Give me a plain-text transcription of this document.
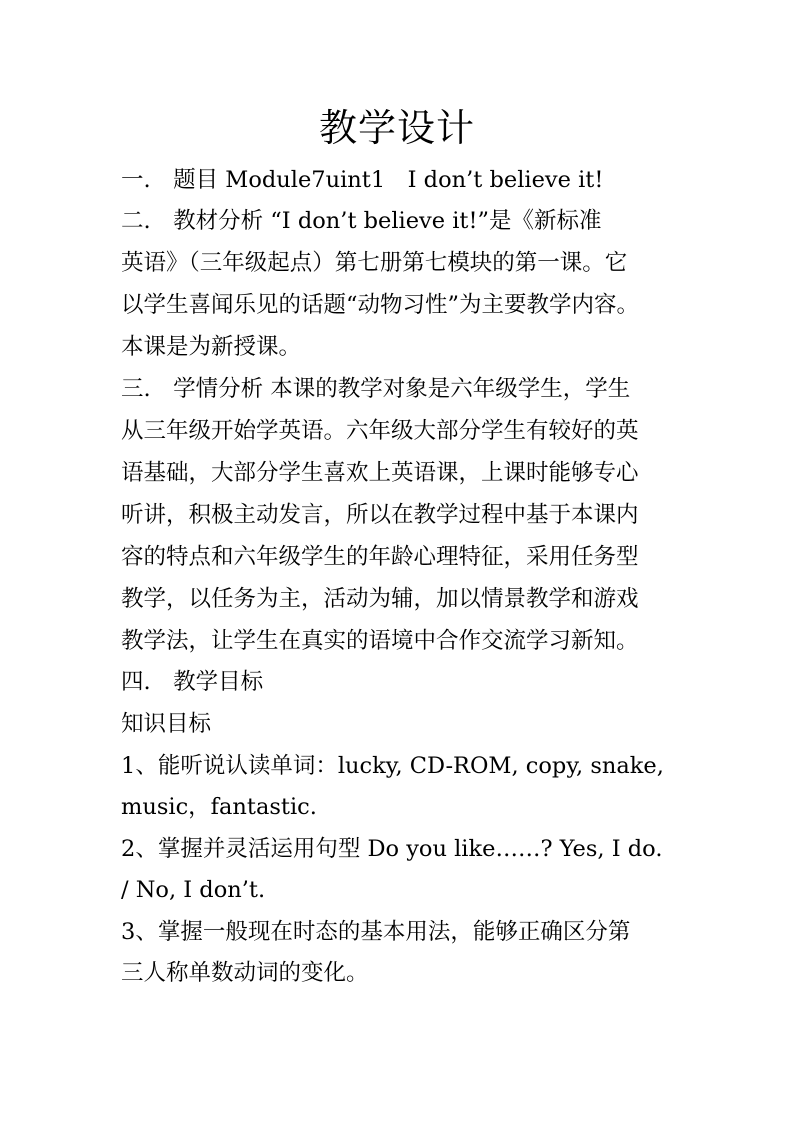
教学设计
一.　题目 Module7uint1　I don’t believe it!
二.　教材分析 “I don’t believe it!”是《新标准
英语》（三年级起点）第七册第七模块的第一课。它
以学生喜闻乐见的话题“动物习性”为主要教学内容。
本课是为新授课。
三.　学情分析 本课的教学对象是六年级学生，学生
从三年级开始学英语。六年级大部分学生有较好的英
语基础，大部分学生喜欢上英语课，上课时能够专心
听讲，积极主动发言，所以在教学过程中基于本课内
容的特点和六年级学生的年龄心理特征，采用任务型
教学，以任务为主，活动为辅，加以情景教学和游戏
教学法，让学生在真实的语境中合作交流学习新知。
四.　教学目标
知识目标
1、能听说认读单词：lucky, CD-ROM, copy, snake,
music，fantastic.
2、掌握并灵活运用句型 Do you like……? Yes, I do.
/ No, I don’t.
3、掌握一般现在时态的基本用法，能够正确区分第
三人称单数动词的变化。
